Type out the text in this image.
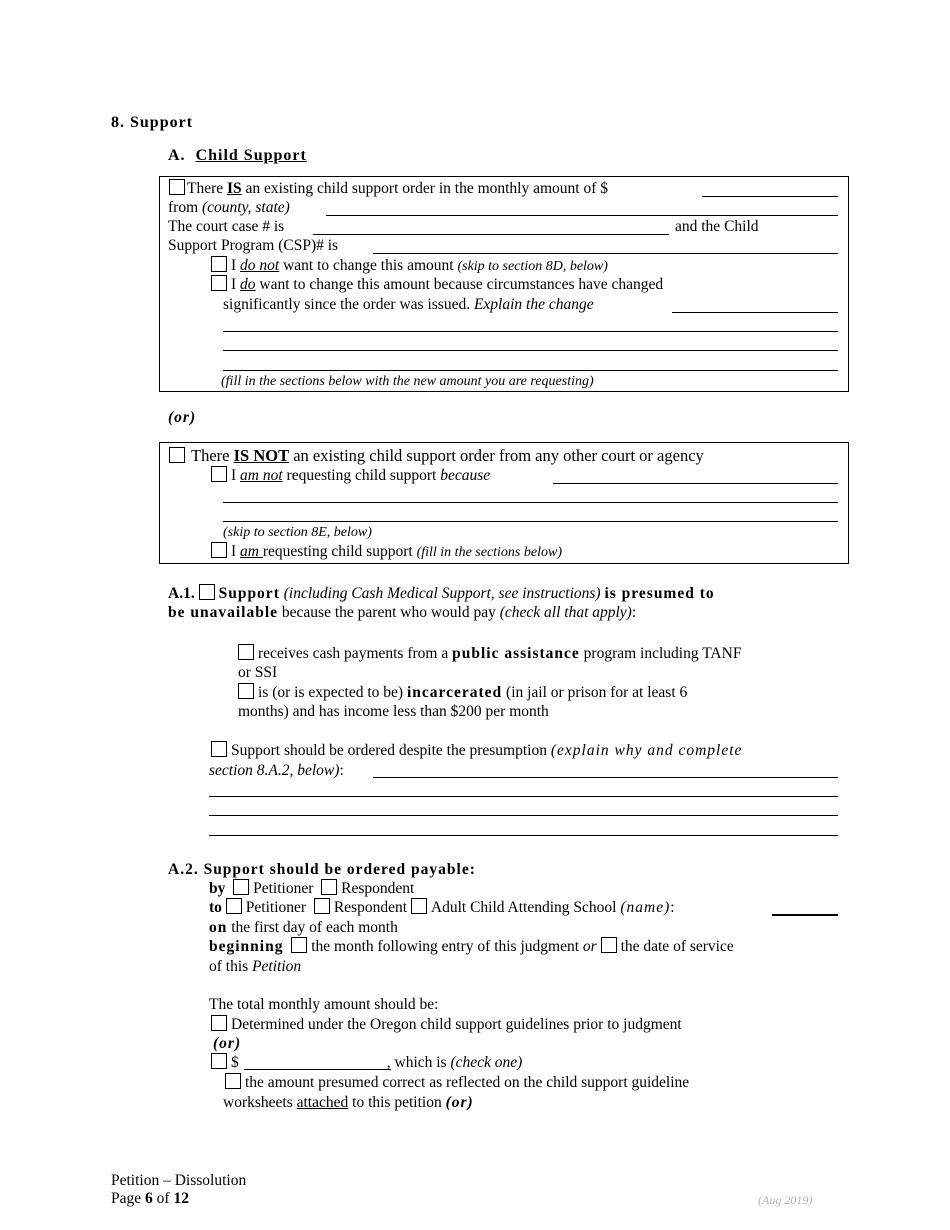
8. Support
A. Child Support
There IS an existing child support order in the monthly amount of $
from (county, state)
The court case # is	and the Child
Support Program (CSP)# is
I do not want to change this amount (skip to section 8D, below)
I do want to change this amount because circumstances have changed
significantly since the order was issued. Explain the change
(fill in the sections below with the new amount you are requesting)
(or)
There IS NOT an existing child support order from any other court or agency
I am not requesting child support because
(skip to section 8E, below)
I am requesting child support (fill in the sections below)
A.1. Support (including Cash Medical Support, see instructions) is presumed to
be unavailable because the parent who would pay (check all that apply):
receives cash payments from a public assistance program including TANF
or SSI
is (or is expected to be) incarcerated (in jail or prison for at least 6
months) and has income less than $200 per month
Support should be ordered despite the presumption (explain why and complete
section 8.A.2, below):
A.2. Support should be ordered payable:
by Petitioner Respondent
to Petitioner Respondent Adult Child Attending School (name):
on the first day of each month
beginning the month following entry of this judgment or the date of service
of this Petition
The total monthly amount should be:
Determined under the Oregon child support guidelines prior to judgment
(or)
$	, which is (check one)
the amount presumed correct as reflected on the child support guideline
worksheets attached to this petition (or)
Petition – Dissolution
Page 6 of 12	(Aug 2019)
